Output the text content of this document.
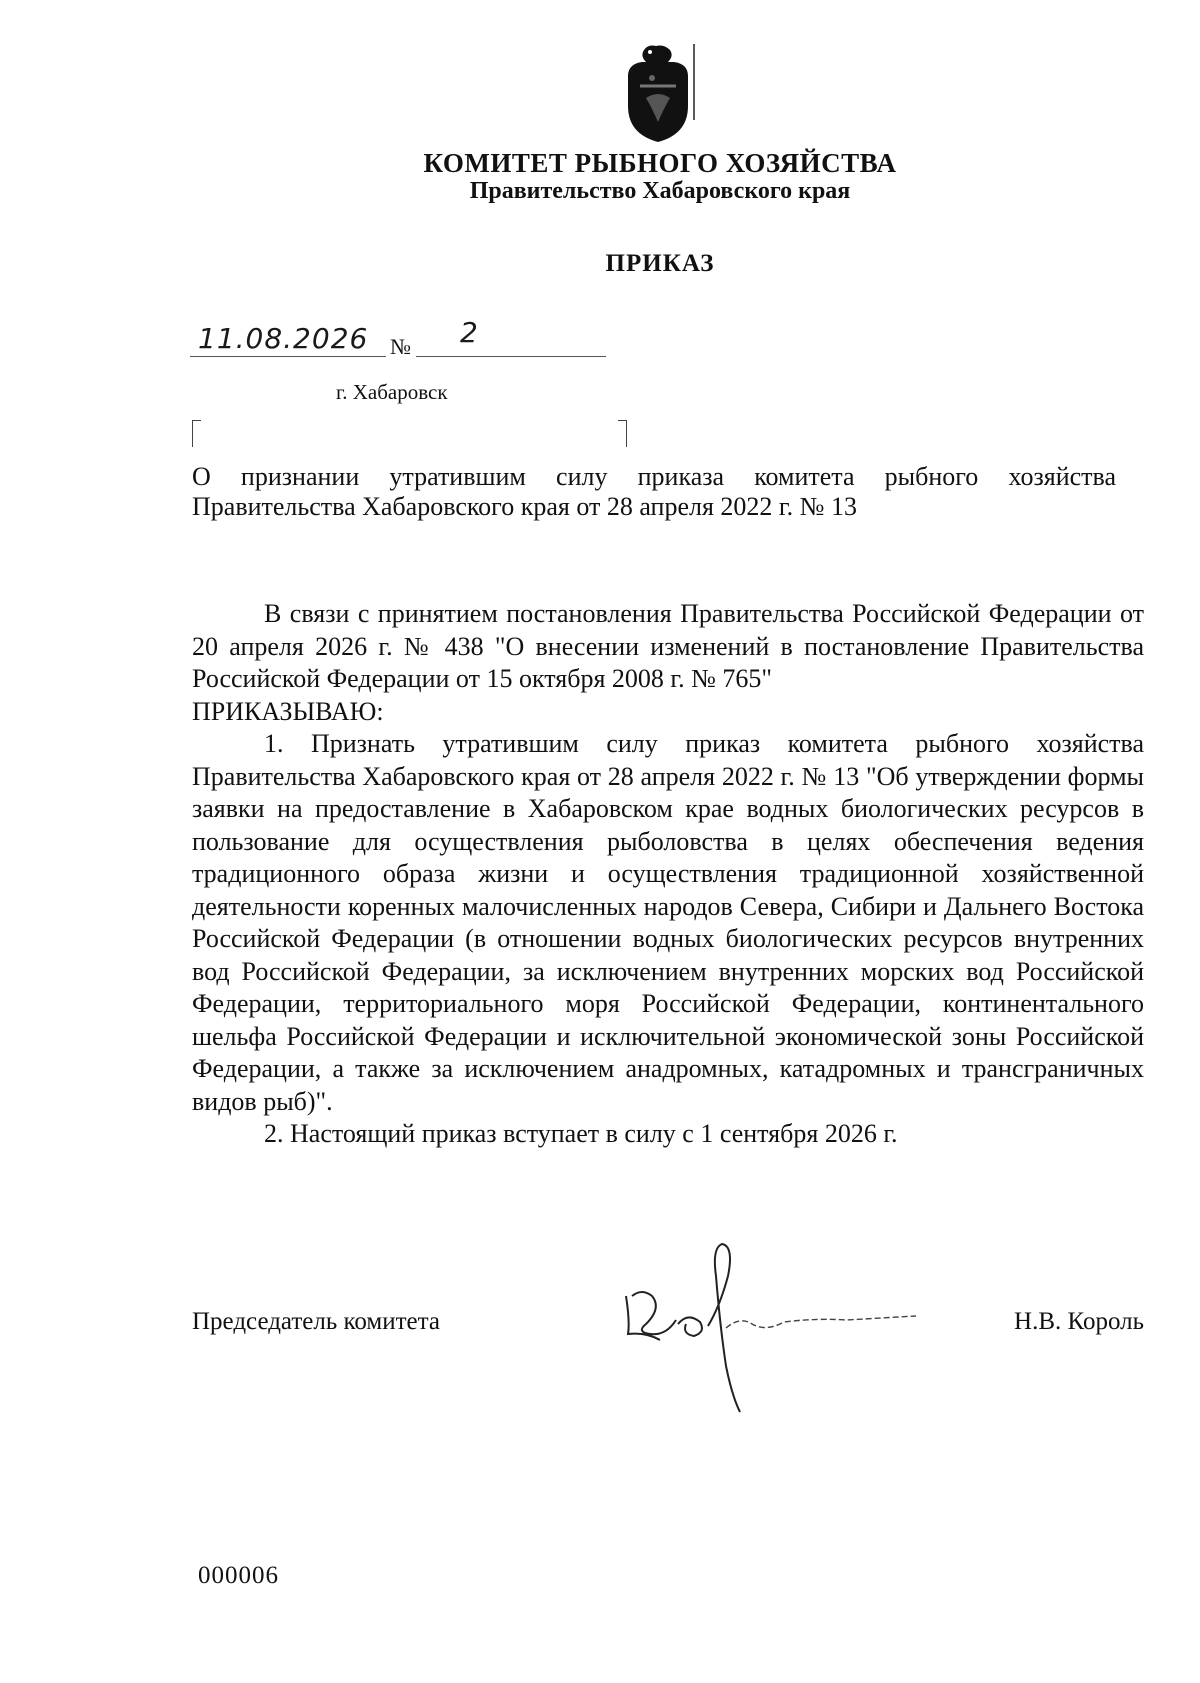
КОМИТЕТ РЫБНОГО ХОЗЯЙСТВА
Правительство Хабаровского края
ПРИКАЗ
11.08.2026 № 2
г. Хабаровск
О признании утратившим силу приказа комитета рыбного хозяйства Правительства Хабаровского края от 28 апреля 2022 г. № 13

В связи с принятием постановления Правительства Российской Федерации от 20 апреля 2026 г. № 438 "О внесении изменений в постановление Правительства Российской Федерации от 15 октября 2008 г. № 765"

ПРИКАЗЫВАЮ:

1. Признать утратившим силу приказ комитета рыбного хозяйства Правительства Хабаровского края от 28 апреля 2022 г. № 13 "Об утверждении формы заявки на предоставление в Хабаровском крае водных биологических ресурсов в пользование для осуществления рыболовства в целях обеспечения ведения традиционного образа жизни и осуществления традиционной хозяйственной деятельности коренных малочисленных народов Севера, Сибири и Дальнего Востока Российской Федерации (в отношении водных биологических ресурсов внутренних вод Российской Федерации, за исключением внутренних морских вод Российской Федерации, территориального моря Российской Федерации, континентального шельфа Российской Федерации и исключительной экономической зоны Российской Федерации, а также за исключением анадромных, катадромных и трансграничных видов рыб)".

2. Настоящий приказ вступает в силу с 1 сентября 2026 г.

Председатель комитета	Н.В. Король
000006
